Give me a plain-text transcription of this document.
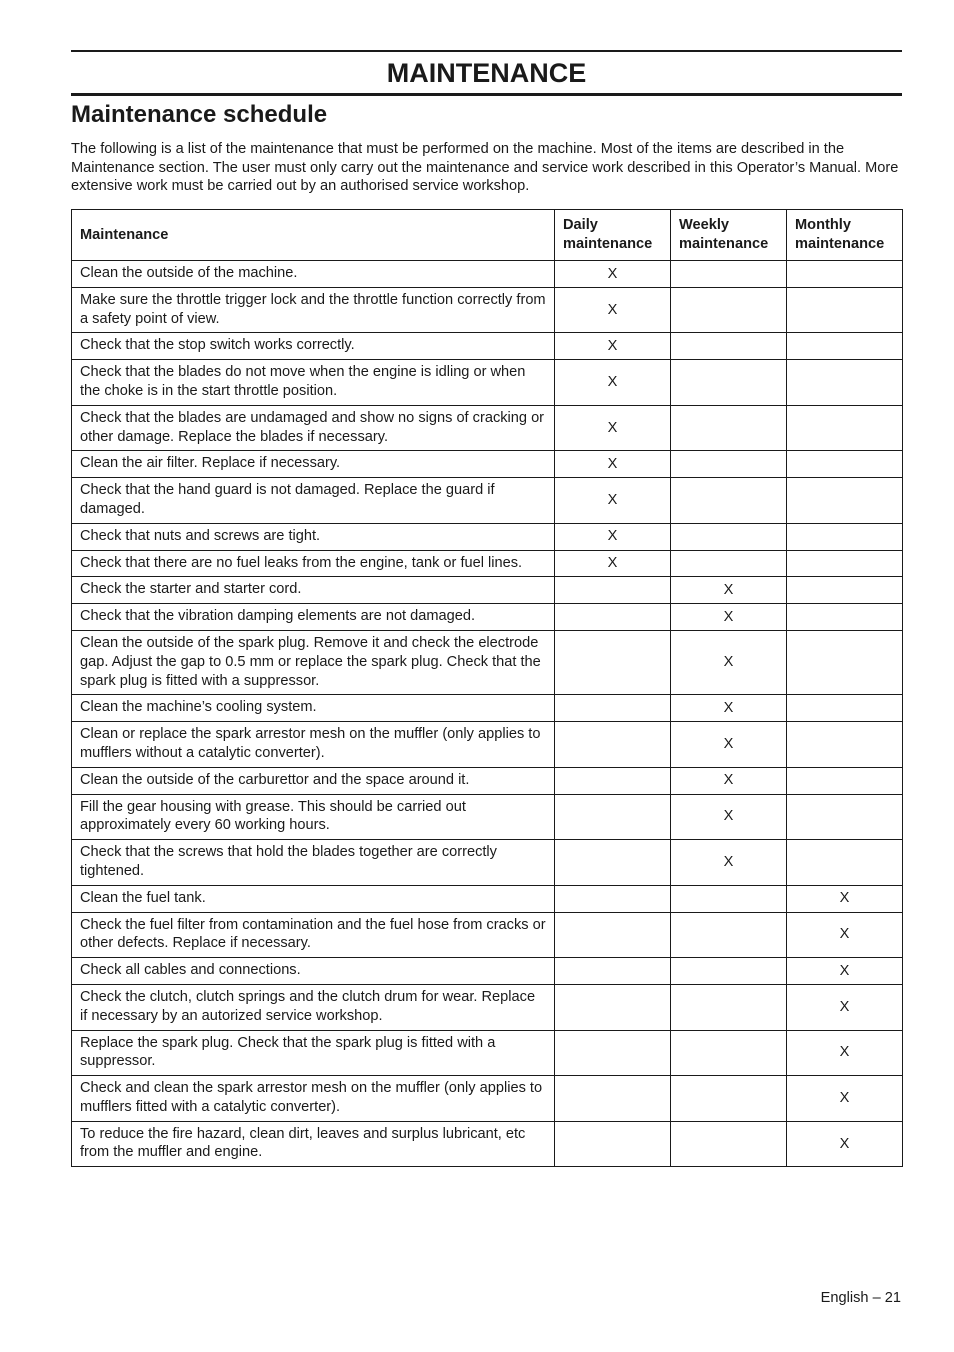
MAINTENANCE
Maintenance schedule
The following is a list of the maintenance that must be performed on the machine. Most of the items are described in the Maintenance section. The user must only carry out the maintenance and service work described in this Operator’s Manual. More extensive work must be carried out by an authorised service workshop.
Maintenance	Daily maintenance	Weekly maintenance	Monthly maintenance
Clean the outside of the machine.	X		
Make sure the throttle trigger lock and the throttle function correctly from a safety point of view.	X		
Check that the stop switch works correctly.	X		
Check that the blades do not move when the engine is idling or when the choke is in the start throttle position.	X		
Check that the blades are undamaged and show no signs of cracking or other damage. Replace the blades if necessary.	X		
Clean the air filter. Replace if necessary.	X		
Check that the hand guard is not damaged. Replace the guard if damaged.	X		
Check that nuts and screws are tight.	X		
Check that there are no fuel leaks from the engine, tank or fuel lines.	X		
Check the starter and starter cord.		X	
Check that the vibration damping elements are not damaged.		X	
Clean the outside of the spark plug. Remove it and check the electrode gap. Adjust the gap to 0.5 mm or replace the spark plug. Check that the spark plug is fitted with a suppressor.		X	
Clean the machine’s cooling system.		X	
Clean or replace the spark arrestor mesh on the muffler (only applies to mufflers without a catalytic converter).		X	
Clean the outside of the carburettor and the space around it.		X	
Fill the gear housing with grease. This should be carried out approximately every 60 working hours.		X	
Check that the screws that hold the blades together are correctly tightened.		X	
Clean the fuel tank.			X
Check the fuel filter from contamination and the fuel hose from cracks or other defects. Replace if necessary.			X
Check all cables and connections.			X
Check the clutch, clutch springs and the clutch drum for wear. Replace if necessary by an autorized service workshop.			X
Replace the spark plug. Check that the spark plug is fitted with a suppressor.			X
Check and clean the spark arrestor mesh on the muffler (only applies to mufflers fitted with a catalytic converter).			X
To reduce the fire hazard, clean dirt, leaves and surplus lubricant, etc from the muffler and engine.			X
English – 21
